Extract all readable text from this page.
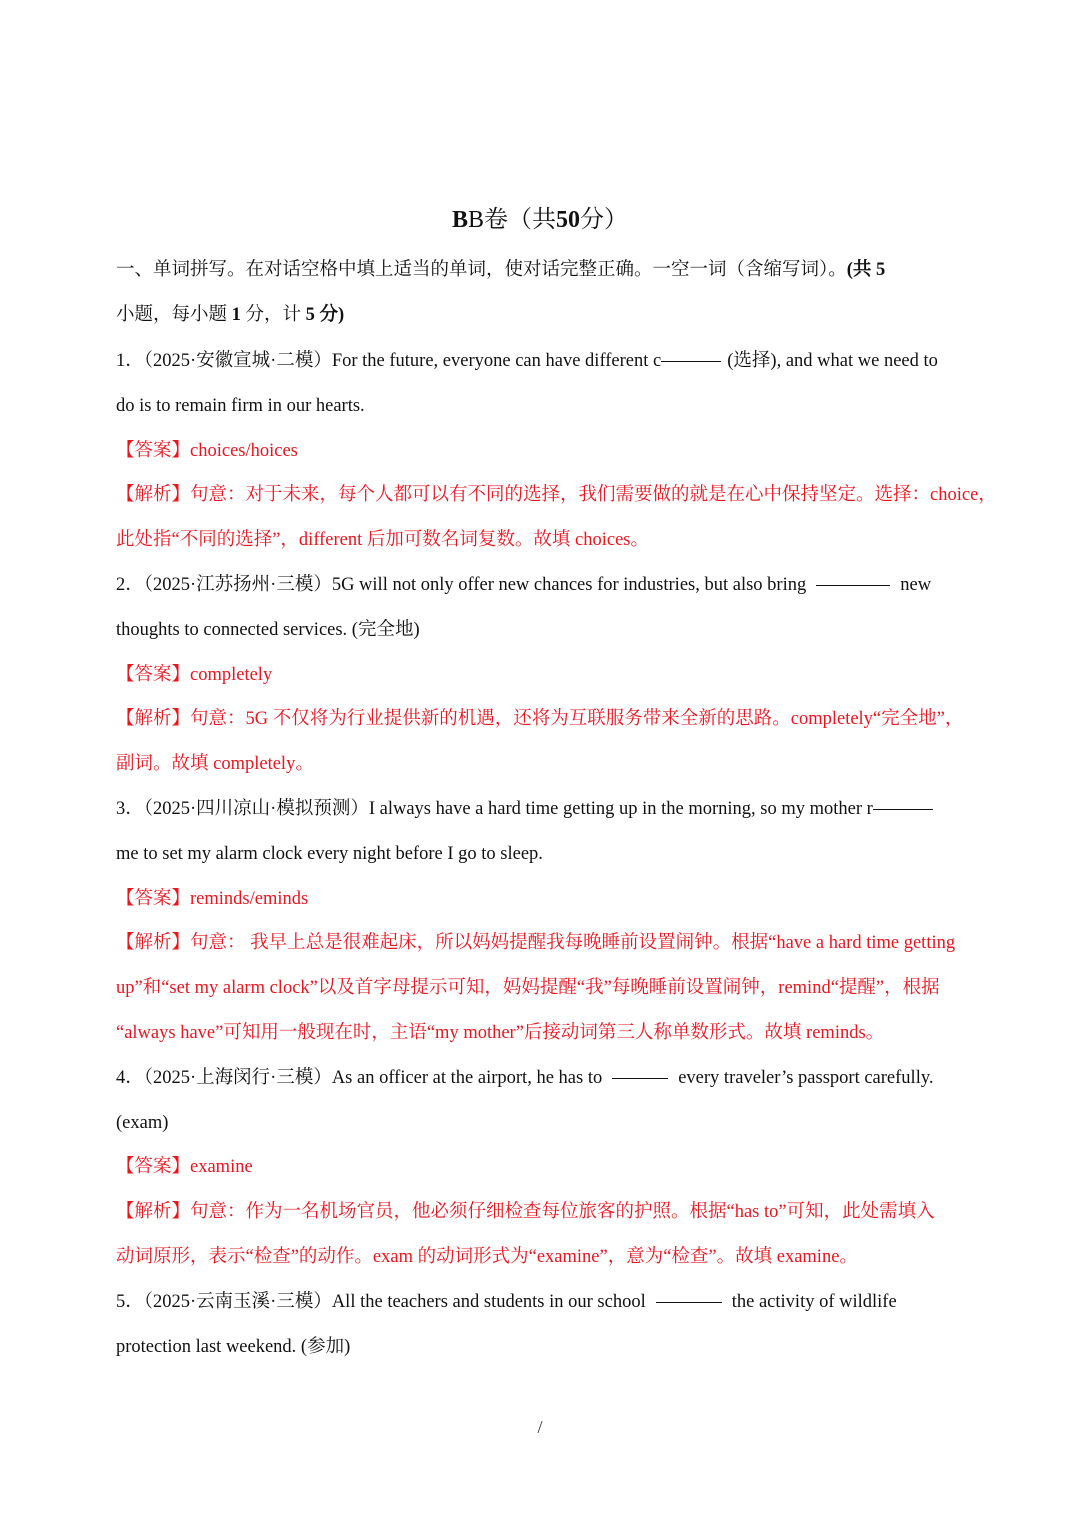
BB卷（共50分）
一、单词拼写。在对话空格中填上适当的单词，使对话完整正确。一空一词（含缩写词）。(共 5
小题，每小题 1 分，计 5 分)
1．（2025·安徽宣城·二模）For the future, everyone can have different c	(选择), and what we need to
do is to remain firm in our hearts.
【答案】choices/hoices
【解析】句意：对于未来，每个人都可以有不同的选择，我们需要做的就是在心中保持坚定。选择：choice，
此处指“不同的选择”，different 后加可数名词复数。故填 choices。
2．（2025·江苏扬州·三模）5G will not only offer new chances for industries, but also bring	new
thoughts to connected services. (完全地)
【答案】completely
【解析】句意：5G 不仅将为行业提供新的机遇，还将为互联服务带来全新的思路。completely“完全地”，
副词。故填 completely。
3．（2025·四川凉山·模拟预测）I always have a hard time getting up in the morning, so my mother r
me to set my alarm clock every night before I go to sleep.
【答案】reminds/eminds
【解析】句意： 我早上总是很难起床，所以妈妈提醒我每晚睡前设置闹钟。根据“have a hard time getting
up”和“set my alarm clock”以及首字母提示可知，妈妈提醒“我”每晚睡前设置闹钟，remind“提醒”，根据
“always have”可知用一般现在时，主语“my mother”后接动词第三人称单数形式。故填 reminds。
4．（2025·上海闵行·三模）As an officer at the airport, he has to	every traveler’s passport carefully.
(exam)
【答案】examine
【解析】句意：作为一名机场官员，他必须仔细检查每位旅客的护照。根据“has to”可知，此处需填入
动词原形，表示“检查”的动作。exam 的动词形式为“examine”，意为“检查”。故填 examine。
5．（2025·云南玉溪·三模）All the teachers and students in our school	the activity of wildlife
protection last weekend. (参加)
/
